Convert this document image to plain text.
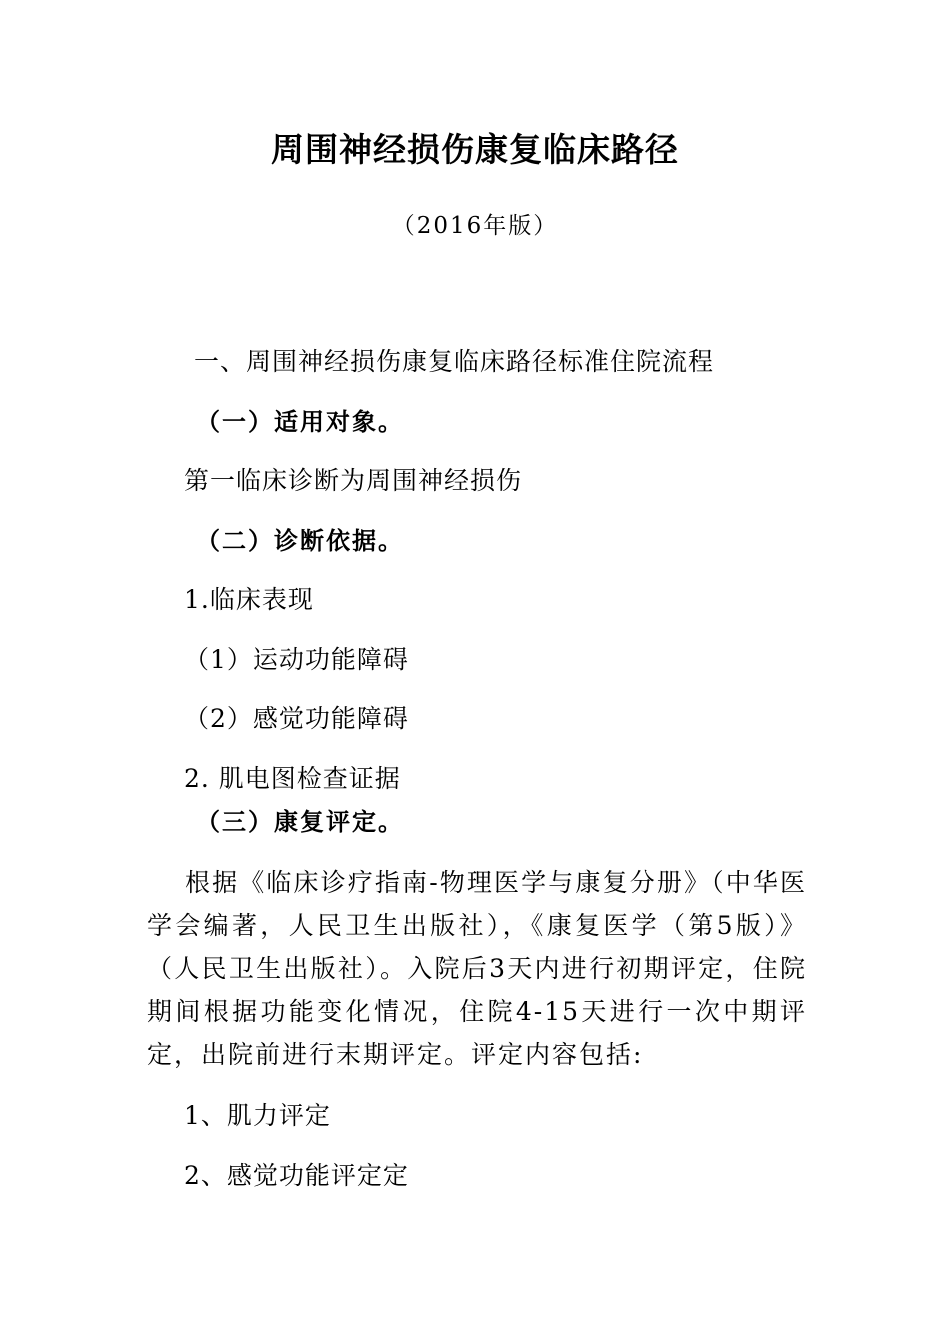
周围神经损伤康复临床路径
（2016年版）
一、周围神经损伤康复临床路径标准住院流程
（一）适用对象。
第一临床诊断为周围神经损伤
（二）诊断依据。
1.临床表现
（1）运动功能障碍
（2）感觉功能障碍
2. 肌电图检查证据
（三）康复评定。
根据《临床诊疗指南-物理医学与康复分册》（中华医学会编著，人民卫生出版社），《康复医学（第5版）》（人民卫生出版社）。入院后3天内进行初期评定，住院期间根据功能变化情况，住院4-15天进行一次中期评定，出院前进行末期评定。评定内容包括:
1、肌力评定
2、感觉功能评定定
